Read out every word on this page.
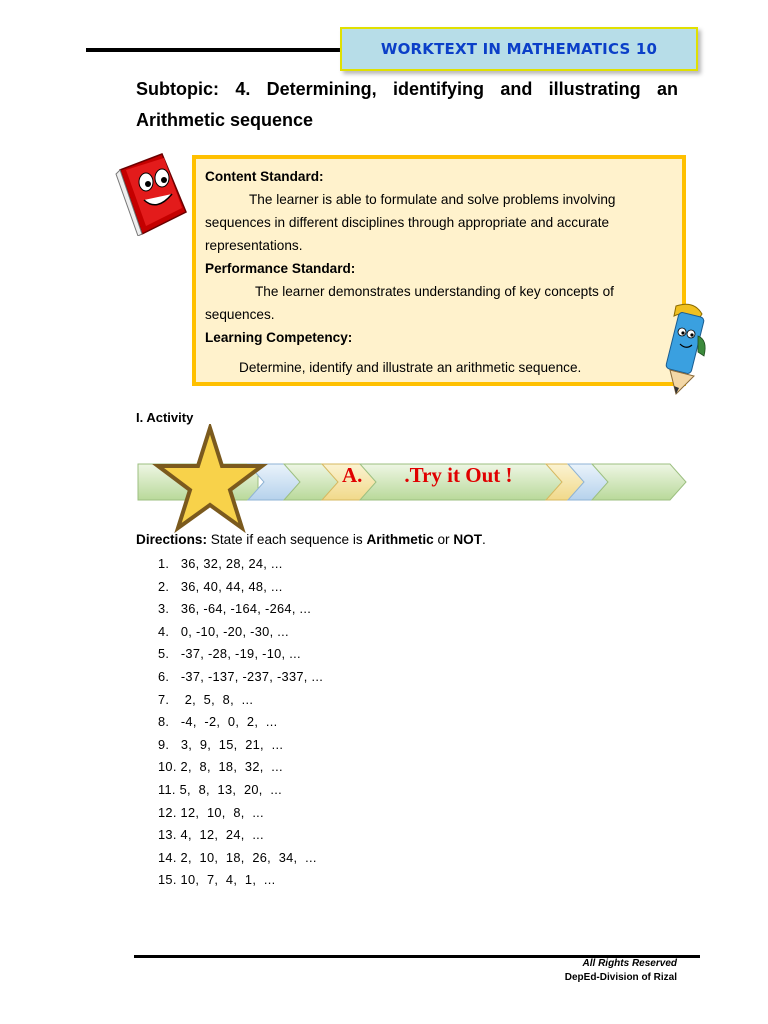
WORKTEXT IN MATHEMATICS 10
Subtopic: 4. Determining, identifying and illustrating an Arithmetic sequence
Content Standard:
The learner is able to formulate and solve problems involving sequences in different disciplines through appropriate and accurate representations.
Performance Standard:
The learner demonstrates understanding of key concepts of sequences.
Learning Competency:
Determine, identify and illustrate an arithmetic sequence.
I. Activity
A.        .Try it Out !
Directions: State if each sequence is Arithmetic or NOT.
1.   36, 32, 28, 24, ...
2.   36, 40, 44, 48, ...
3.   36, -64, -164, -264, ...
4.   0, -10, -20, -30, ...
5.   -37, -28, -19, -10, ...
6.   -37, -137, -237, -337, ...
7.    2,  5,  8,  ...
8.   -4,  -2,  0,  2,  ...
9.   3,  9,  15,  21,  ...
10. 2,  8,  18,  32,  ...
11. 5,  8,  13,  20,  ...
12. 12,  10,  8,  ...
13. 4,  12,  24,  ...
14. 2,  10,  18,  26,  34,  ...
15. 10,  7,  4,  1,  ...
All Rights Reserved
DepEd-Division of Rizal
